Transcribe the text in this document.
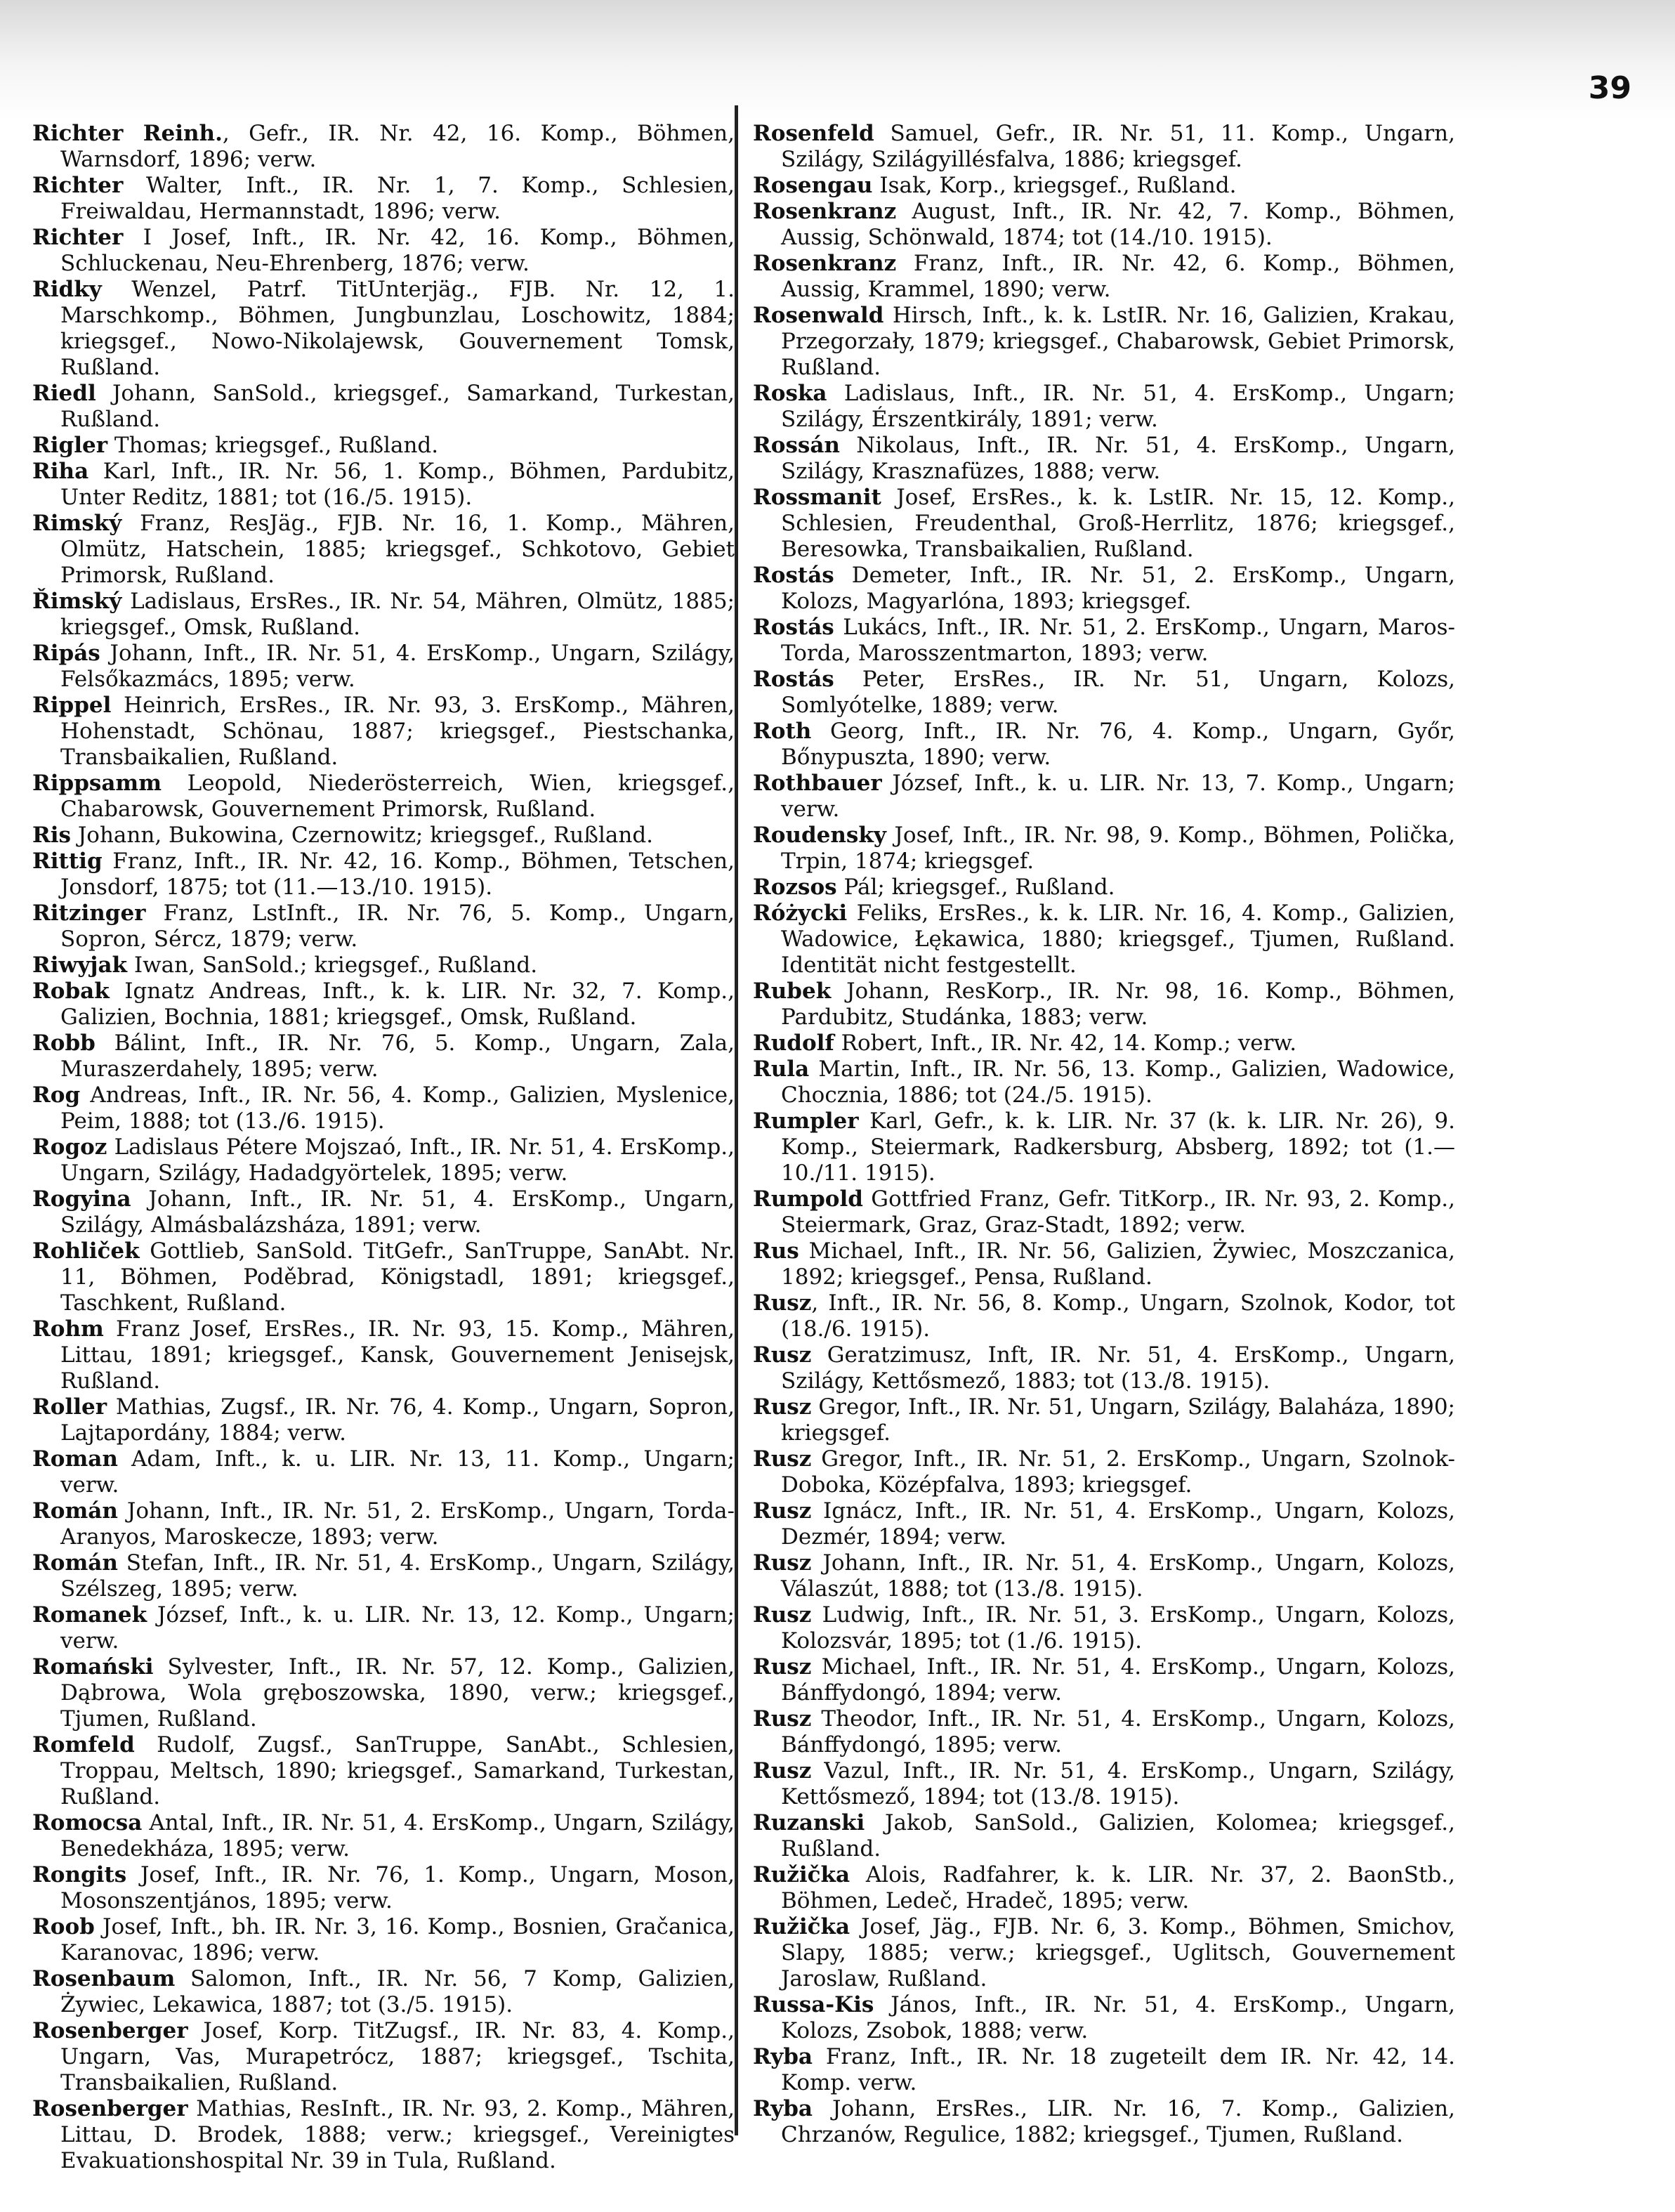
39

Richter Reinh., Gefr., IR. Nr. 42, 16. Komp., Böhmen, Warnsdorf, 1896; verw.

Richter Walter, Inft., IR. Nr. 1, 7. Komp., Schlesien, Freiwaldau, Hermannstadt, 1896; verw.

Richter I Josef, Inft., IR. Nr. 42, 16. Komp., Böhmen, Schluckenau, Neu-Ehrenberg, 1876; verw.

Ridky Wenzel, Patrf. TitUnterjäg., FJB. Nr. 12, 1. Marschkomp., Böhmen, Jungbunzlau, Loschowitz, 1884; kriegsgef., Nowo-Nikolajewsk, Gouvernement Tomsk, Rußland.

Riedl Johann, SanSold., kriegsgef., Samarkand, Turkestan, Rußland.

Rigler Thomas; kriegsgef., Rußland.

Riha Karl, Inft., IR. Nr. 56, 1. Komp., Böhmen, Pardubitz, Unter Reditz, 1881; tot (16./5. 1915).

Rimský Franz, ResJäg., FJB. Nr. 16, 1. Komp., Mähren, Olmütz, Hatschein, 1885; kriegsgef., Schkotovo, Gebiet Primorsk, Rußland.

Řimský Ladislaus, ErsRes., IR. Nr. 54, Mähren, Olmütz, 1885; kriegsgef., Omsk, Rußland.

Ripás Johann, Inft., IR. Nr. 51, 4. ErsKomp., Ungarn, Szilágy, Felsőkazmács, 1895; verw.

Rippel Heinrich, ErsRes., IR. Nr. 93, 3. ErsKomp., Mähren, Hohenstadt, Schönau, 1887; kriegsgef., Piestschanka, Transbaikalien, Rußland.

Rippsamm Leopold, Niederösterreich, Wien, kriegsgef., Chabarowsk, Gouvernement Primorsk, Rußland.

Ris Johann, Bukowina, Czernowitz; kriegsgef., Rußland.

Rittig Franz, Inft., IR. Nr. 42, 16. Komp., Böhmen, Tetschen, Jonsdorf, 1875; tot (11.—13./10. 1915).

Ritzinger Franz, LstInft., IR. Nr. 76, 5. Komp., Ungarn, Sopron, Sércz, 1879; verw.

Riwyjak Iwan, SanSold.; kriegsgef., Rußland.

Robak Ignatz Andreas, Inft., k. k. LIR. Nr. 32, 7. Komp., Galizien, Bochnia, 1881; kriegsgef., Omsk, Rußland.

Robb Bálint, Inft., IR. Nr. 76, 5. Komp., Ungarn, Zala, Muraszerdahely, 1895; verw.

Rog Andreas, Inft., IR. Nr. 56, 4. Komp., Galizien, Myslenice, Peim, 1888; tot (13./6. 1915).

Rogoz Ladislaus Pétere Mojszaó, Inft., IR. Nr. 51, 4. ErsKomp., Ungarn, Szilágy, Hadadgyörtelek, 1895; verw.

Rogyina Johann, Inft., IR. Nr. 51, 4. ErsKomp., Ungarn, Szilágy, Almásbalázsháza, 1891; verw.

Rohliček Gottlieb, SanSold. TitGefr., SanTruppe, SanAbt. Nr. 11, Böhmen, Poděbrad, Königstadl, 1891; kriegsgef., Taschkent, Rußland.

Rohm Franz Josef, ErsRes., IR. Nr. 93, 15. Komp., Mähren, Littau, 1891; kriegsgef., Kansk, Gouvernement Jenisejsk, Rußland.

Roller Mathias, Zugsf., IR. Nr. 76, 4. Komp., Ungarn, Sopron, Lajtapordány, 1884; verw.

Roman Adam, Inft., k. u. LIR. Nr. 13, 11. Komp., Ungarn; verw.

Román Johann, Inft., IR. Nr. 51, 2. ErsKomp., Ungarn, Torda-Aranyos, Maroskecze, 1893; verw.

Román Stefan, Inft., IR. Nr. 51, 4. ErsKomp., Ungarn, Szilágy, Szélszeg, 1895; verw.

Romanek József, Inft., k. u. LIR. Nr. 13, 12. Komp., Ungarn; verw.

Romański Sylvester, Inft., IR. Nr. 57, 12. Komp., Galizien, Dąbrowa, Wola gręboszowska, 1890, verw.; kriegsgef., Tjumen, Rußland.

Romfeld Rudolf, Zugsf., SanTruppe, SanAbt., Schlesien, Troppau, Meltsch, 1890; kriegsgef., Samarkand, Turkestan, Rußland.

Romocsa Antal, Inft., IR. Nr. 51, 4. ErsKomp., Ungarn, Szilágy, Benedekháza, 1895; verw.

Rongits Josef, Inft., IR. Nr. 76, 1. Komp., Ungarn, Moson, Mosonszentjános, 1895; verw.

Roob Josef, Inft., bh. IR. Nr. 3, 16. Komp., Bosnien, Gračanica, Karanovac, 1896; verw.

Rosenbaum Salomon, Inft., IR. Nr. 56, 7 Komp, Galizien, Żywiec, Lekawica, 1887; tot (3./5. 1915).

Rosenberger Josef, Korp. TitZugsf., IR. Nr. 83, 4. Komp., Ungarn, Vas, Murapetrócz, 1887; kriegsgef., Tschita, Transbaikalien, Rußland.

Rosenberger Mathias, ResInft., IR. Nr. 93, 2. Komp., Mähren, Littau, D. Brodek, 1888; verw.; kriegsgef., Vereinigtes Evakuationshospital Nr. 39 in Tula, Rußland.

Rosenfeld Samuel, Gefr., IR. Nr. 51, 11. Komp., Ungarn, Szilágy, Szilágyillésfalva, 1886; kriegsgef.

Rosengau Isak, Korp., kriegsgef., Rußland.

Rosenkranz August, Inft., IR. Nr. 42, 7. Komp., Böhmen, Aussig, Schönwald, 1874; tot (14./10. 1915).

Rosenkranz Franz, Inft., IR. Nr. 42, 6. Komp., Böhmen, Aussig, Krammel, 1890; verw.

Rosenwald Hirsch, Inft., k. k. LstIR. Nr. 16, Galizien, Krakau, Przegorzały, 1879; kriegsgef., Chabarowsk, Gebiet Primorsk, Rußland.

Roska Ladislaus, Inft., IR. Nr. 51, 4. ErsKomp., Ungarn; Szilágy, Érszentkirály, 1891; verw.

Rossán Nikolaus, Inft., IR. Nr. 51, 4. ErsKomp., Ungarn, Szilágy, Krasznafüzes, 1888; verw.

Rossmanit Josef, ErsRes., k. k. LstIR. Nr. 15, 12. Komp., Schlesien, Freudenthal, Groß-Herrlitz, 1876; kriegsgef., Beresowka, Transbaikalien, Rußland.

Rostás Demeter, Inft., IR. Nr. 51, 2. ErsKomp., Ungarn, Kolozs, Magyarlóna, 1893; kriegsgef.

Rostás Lukács, Inft., IR. Nr. 51, 2. ErsKomp., Ungarn, Maros-Torda, Marosszentmarton, 1893; verw.

Rostás Peter, ErsRes., IR. Nr. 51, Ungarn, Kolozs, Somlyótelke, 1889; verw.

Roth Georg, Inft., IR. Nr. 76, 4. Komp., Ungarn, Győr, Bőnypuszta, 1890; verw.

Rothbauer József, Inft., k. u. LIR. Nr. 13, 7. Komp., Ungarn; verw.

Roudensky Josef, Inft., IR. Nr. 98, 9. Komp., Böhmen, Polička, Trpin, 1874; kriegsgef.

Rozsos Pál; kriegsgef., Rußland.

Różycki Feliks, ErsRes., k. k. LIR. Nr. 16, 4. Komp., Galizien, Wadowice, Łękawica, 1880; kriegsgef., Tjumen, Rußland. Identität nicht festgestellt.

Rubek Johann, ResKorp., IR. Nr. 98, 16. Komp., Böhmen, Pardubitz, Studánka, 1883; verw.

Rudolf Robert, Inft., IR. Nr. 42, 14. Komp.; verw.

Rula Martin, Inft., IR. Nr. 56, 13. Komp., Galizien, Wadowice, Chocznia, 1886; tot (24./5. 1915).

Rumpler Karl, Gefr., k. k. LIR. Nr. 37 (k. k. LIR. Nr. 26), 9. Komp., Steiermark, Radkersburg, Absberg, 1892; tot (1.—10./11. 1915).

Rumpold Gottfried Franz, Gefr. TitKorp., IR. Nr. 93, 2. Komp., Steiermark, Graz, Graz-Stadt, 1892; verw.

Rus Michael, Inft., IR. Nr. 56, Galizien, Żywiec, Moszczanica, 1892; kriegsgef., Pensa, Rußland.

Rusz, Inft., IR. Nr. 56, 8. Komp., Ungarn, Szolnok, Kodor, tot (18./6. 1915).

Rusz Geratzimusz, Inft, IR. Nr. 51, 4. ErsKomp., Ungarn, Szilágy, Kettősmező, 1883; tot (13./8. 1915).

Rusz Gregor, Inft., IR. Nr. 51, Ungarn, Szilágy, Balaháza, 1890; kriegsgef.

Rusz Gregor, Inft., IR. Nr. 51, 2. ErsKomp., Ungarn, Szolnok-Doboka, Középfalva, 1893; kriegsgef.

Rusz Ignácz, Inft., IR. Nr. 51, 4. ErsKomp., Ungarn, Kolozs, Dezmér, 1894; verw.

Rusz Johann, Inft., IR. Nr. 51, 4. ErsKomp., Ungarn, Kolozs, Válaszút, 1888; tot (13./8. 1915).

Rusz Ludwig, Inft., IR. Nr. 51, 3. ErsKomp., Ungarn, Kolozs, Kolozsvár, 1895; tot (1./6. 1915).

Rusz Michael, Inft., IR. Nr. 51, 4. ErsKomp., Ungarn, Kolozs, Bánffydongó, 1894; verw.

Rusz Theodor, Inft., IR. Nr. 51, 4. ErsKomp., Ungarn, Kolozs, Bánffydongó, 1895; verw.

Rusz Vazul, Inft., IR. Nr. 51, 4. ErsKomp., Ungarn, Szilágy, Kettősmező, 1894; tot (13./8. 1915).

Ruzanski Jakob, SanSold., Galizien, Kolomea; kriegsgef., Rußland.

Ružička Alois, Radfahrer, k. k. LIR. Nr. 37, 2. BaonStb., Böhmen, Ledeč, Hradeč, 1895; verw.

Ružička Josef, Jäg., FJB. Nr. 6, 3. Komp., Böhmen, Smichov, Slapy, 1885; verw.; kriegsgef., Uglitsch, Gouvernement Jaroslaw, Rußland.

Russa-Kis János, Inft., IR. Nr. 51, 4. ErsKomp., Ungarn, Kolozs, Zsobok, 1888; verw.

Ryba Franz, Inft., IR. Nr. 18 zugeteilt dem IR. Nr. 42, 14. Komp. verw.

Ryba Johann, ErsRes., LIR. Nr. 16, 7. Komp., Galizien, Chrzanów, Regulice, 1882; kriegsgef., Tjumen, Rußland.
